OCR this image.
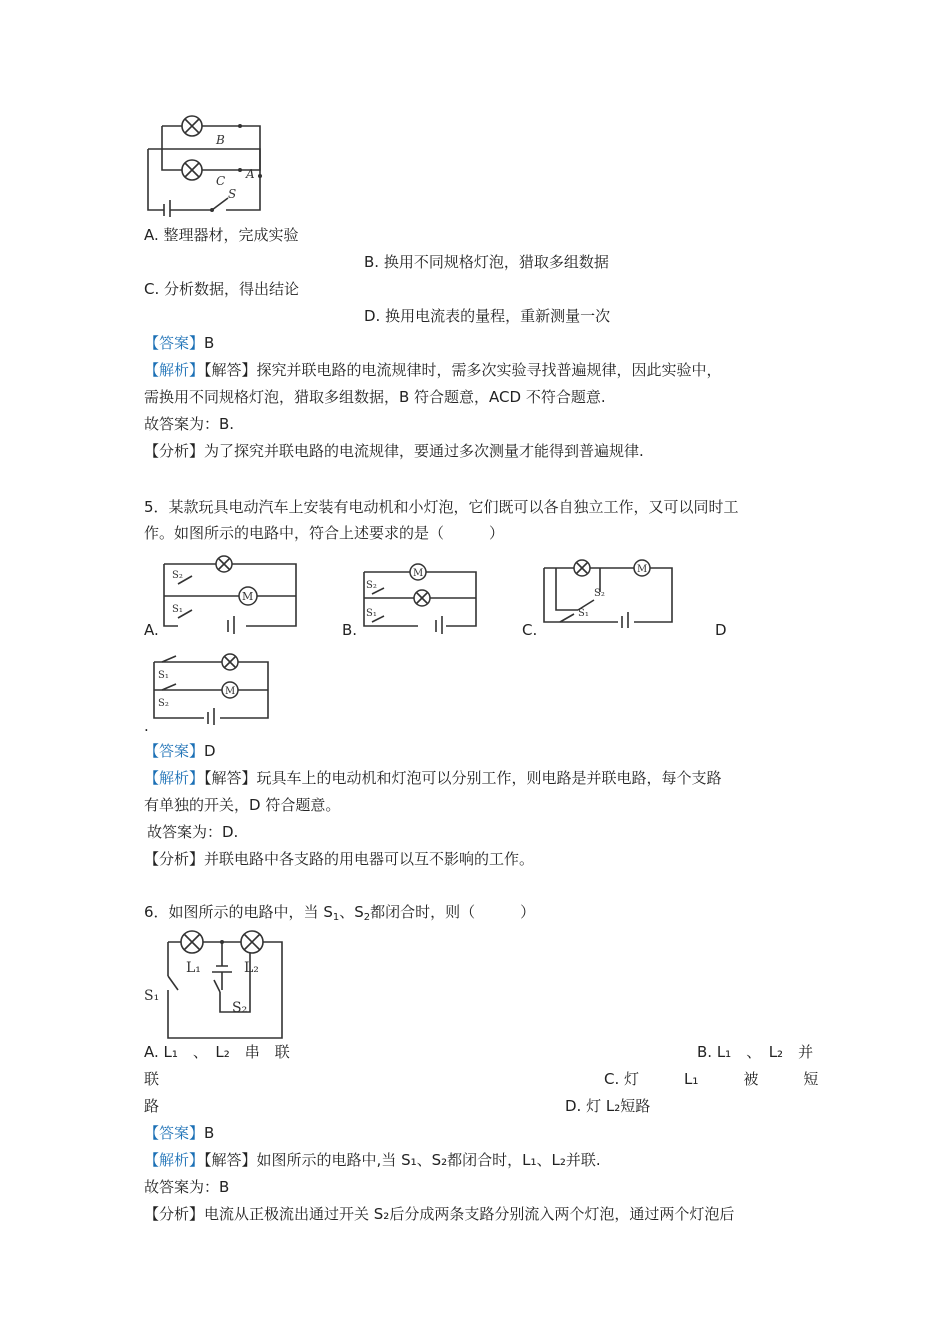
B
C A
S
A. 整理器材，完成实验
B. 换用不同规格灯泡，猎取多组数据
C. 分析数据，得出结论
D. 换用电流表的量程，重新测量一次
【答案】B
【解析】【解答】探究并联电路的电流规律时，需多次实验寻找普遍规律，因此实验中，
需换用不同规格灯泡，猎取多组数据，B 符合题意，ACD 不符合题意.
故答案为：B.
【分析】为了探究并联电路的电流规律，要通过多次测量才能得到普遍规律.
5．某款玩具电动汽车上安装有电动机和小灯泡，它们既可以各自独立工作，又可以同时工
作。如图所示的电路中，符合上述要求的是（　　　）
M
S₂
S₁
A.
M
S₂
S₁
B.
M
S₂
S₁
C.	D
M
S₁
S₂
.
【答案】D
【解析】【解答】玩具车上的电动机和灯泡可以分别工作，则电路是并联电路，每个支路
有单独的开关，D 符合题意。
故答案为：D.
【分析】并联电路中各支路的用电器可以互不影响的工作。
6．如图所示的电路中，当 $S_1$、$S_2$都闭合时，则（　　　）
L₁	L₂
S₁
S₂
A. L₁　、　L₂　串　联	B. L₁　、　L₂　并
联	C. 灯　　　L₁　　　被　　　短
路	D. 灯 L₂短路
【答案】B
【解析】【解答】如图所示的电路中,当 S₁、S₂都闭合时，L₁、L₂并联.
故答案为：B
【分析】电流从正极流出通过开关 S₂后分成两条支路分别流入两个灯泡，通过两个灯泡后
